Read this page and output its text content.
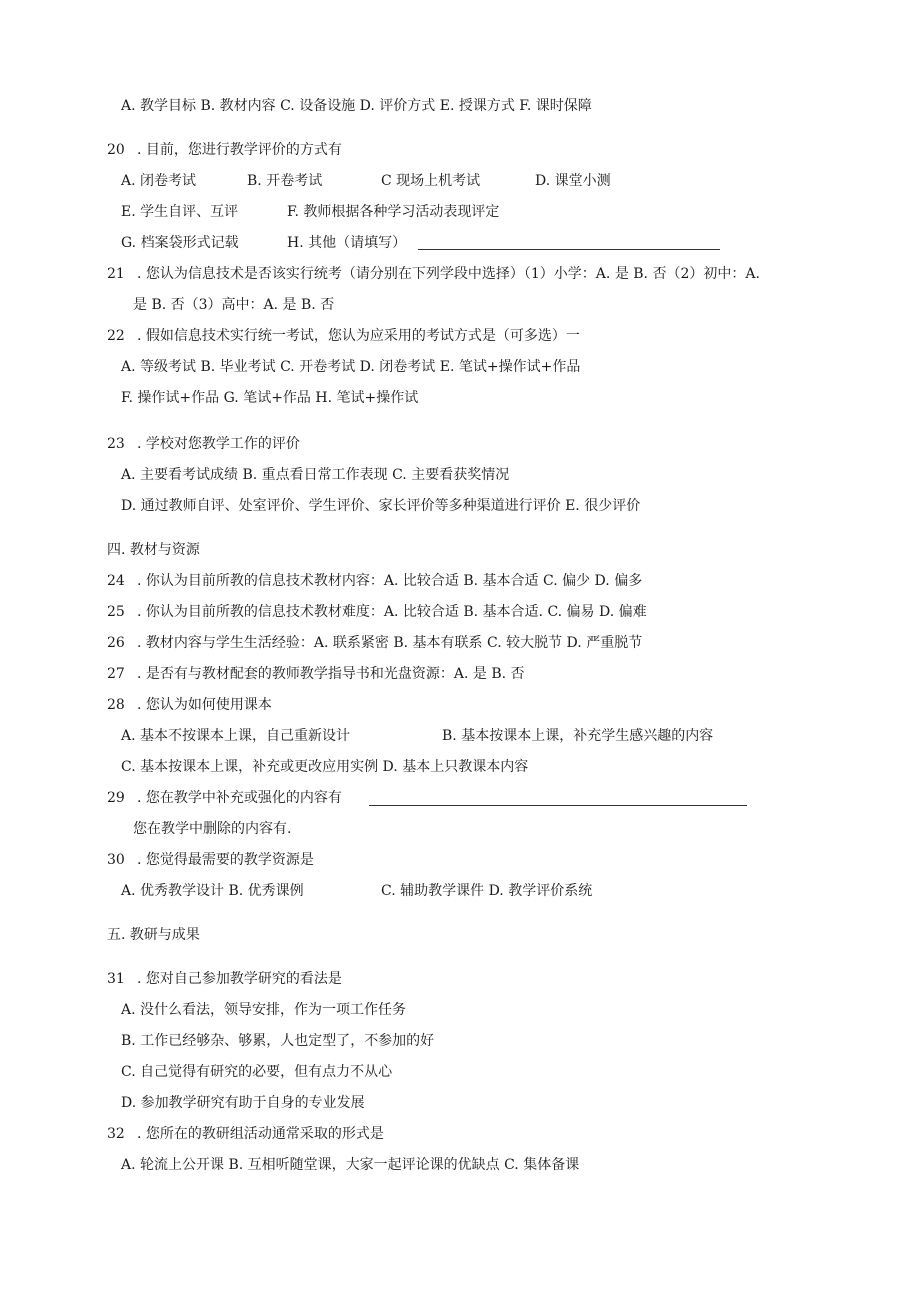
A. 教学目标 B. 教材内容 C. 设备设施 D. 评价方式 E. 授课方式 F. 课时保障
20 . 目前，您进行教学评价的方式有
A. 闭卷考试	B. 开卷考试	C 现场上机考试	D. 课堂小测
E. 学生自评、互评	F. 教师根据各种学习活动表现评定
G. 档案袋形式记载	H. 其他（请填写）
21 . 您认为信息技术是否该实行统考（请分别在下列学段中选择）（1）小学：A. 是 B. 否（2）初中：A.
是 B. 否（3）高中：A. 是 B. 否
22 . 假如信息技术实行统一考试，您认为应采用的考试方式是（可多选）一
A. 等级考试 B. 毕业考试 C. 开卷考试 D. 闭卷考试 E. 笔试+操作试+作品
F. 操作试+作品 G. 笔试+作品 H. 笔试+操作试
23 . 学校对您教学工作的评价
A. 主要看考试成绩 B. 重点看日常工作表现 C. 主要看获奖情况
D. 通过教师自评、处室评价、学生评价、家长评价等多种渠道进行评价 E. 很少评价
四. 教材与资源
24 . 你认为目前所教的信息技术教材内容：A. 比较合适 B. 基本合适 C. 偏少 D. 偏多
25 . 你认为目前所教的信息技术教材难度：A. 比较合适 B. 基本合适. C. 偏易 D. 偏难
26 . 教材内容与学生生活经验：A. 联系紧密 B. 基本有联系 C. 较大脱节 D. 严重脱节
27 . 是否有与教材配套的教师教学指导书和光盘资源：A. 是 B. 否
28 . 您认为如何使用课本
A. 基本不按课本上课，自己重新设计	B. 基本按课本上课，补充学生感兴趣的内容
C. 基本按课本上课，补充或更改应用实例 D. 基本上只教课本内容
29 . 您在教学中补充或强化的内容有
您在教学中删除的内容有.
30 . 您觉得最需要的教学资源是
A. 优秀教学设计 B. 优秀课例	C. 辅助教学课件 D. 教学评价系统
五. 教研与成果
31 . 您对自己参加教学研究的看法是
A. 没什么看法，领导安排，作为一项工作任务
B. 工作已经够杂、够累，人也定型了，不参加的好
C. 自己觉得有研究的必要，但有点力不从心
D. 参加教学研究有助于自身的专业发展
32 . 您所在的教研组活动通常采取的形式是
A. 轮流上公开课 B. 互相听随堂课，大家一起评论课的优缺点 C. 集体备课
